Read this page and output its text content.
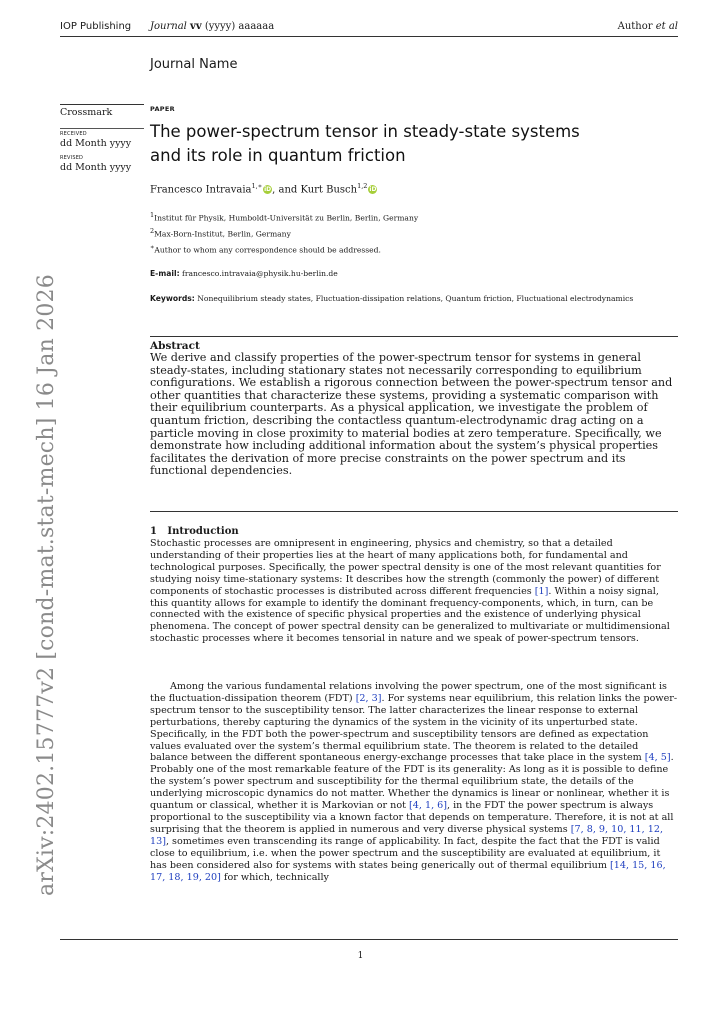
IOP Publishing Journal vv (yyyy) aaaaaa	Author et al
Journal Name
Crossmark
RECEIVED
dd Month yyyy
REVISED
dd Month yyyy
arXiv:2402.15777v2 [cond-mat.stat-mech] 16 Jan 2026
PAPER
The power-spectrum tensor in steady-state systems
and its role in quantum friction
Francesco Intravaia$^{1,∗}$ iD, and Kurt Busch$^{1,2}$ iD
$^1$Institut für Physik, Humboldt-Universität zu Berlin, Berlin, Germany
$^2$Max-Born-Institut, Berlin, Germany
∗Author to whom any correspondence should be addressed.
E-mail: francesco.intravaia@physik.hu-berlin.de
Keywords: Nonequilibrium steady states, Fluctuation-dissipation relations, Quantum friction, Fluctuational electrodynamics
Abstract
We derive and classify properties of the power-spectrum tensor for systems in general
steady-states, including stationary states not necessarily corresponding to equilibrium
configurations. We establish a rigorous connection between the power-spectrum tensor and
other quantities that characterize these systems, providing a systematic comparison with
their equilibrium counterparts. As a physical application, we investigate the problem of
quantum friction, describing the contactless quantum-electrodynamic drag acting on a
particle moving in close proximity to material bodies at zero temperature. Specifically, we
demonstrate how including additional information about the system’s physical properties
facilitates the derivation of more precise constraints on the power spectrum and its
functional dependencies.
1 Introduction
Stochastic processes are omnipresent in engineering, physics and chemistry, so that a detailed understanding of their properties lies at the heart of many applications both, for fundamental and technological purposes. Specifically, the power spectral density is one of the most relevant quantities for studying noisy time-stationary systems: It describes how the strength (commonly the power) of different components of stochastic processes is distributed across different frequencies [1]. Within a noisy signal, this quantity allows for example to identify the dominant frequency-components, which, in turn, can be connected with the existence of specific physical properties and the existence of underlying physical phenomena. The concept of power spectral density can be generalized to multivariate or multidimensional stochastic processes where it becomes tensorial in nature and we speak of power-spectrum tensors.
Among the various fundamental relations involving the power spectrum, one of the most significant is the fluctuation-dissipation theorem (FDT) [2, 3]. For systems near equilibrium, this relation links the power-spectrum tensor to the susceptibility tensor. The latter characterizes the linear response to external perturbations, thereby capturing the dynamics of the system in the vicinity of its unperturbed state. Specifically, in the FDT both the power-spectrum and susceptibility tensors are defined as expectation values evaluated over the system’s thermal equilibrium state. The theorem is related to the detailed balance between the different spontaneous energy-exchange processes that take place in the system [4, 5]. Probably one of the most remarkable feature of the FDT is its generality: As long as it is possible to define the system’s power spectrum and susceptibility for the thermal equilibrium state, the details of the underlying microscopic dynamics do not matter. Whether the dynamics is linear or nonlinear, whether it is quantum or classical, whether it is Markovian or not [4, 1, 6], in the FDT the power spectrum is always proportional to the susceptibility via a known factor that depends on temperature. Therefore, it is not at all surprising that the theorem is applied in numerous and very diverse physical systems [7, 8, 9, 10, 11, 12, 13], sometimes even transcending its range of applicability. In fact, despite the fact that the FDT is valid close to equilibrium, i.e. when the power spectrum and the susceptibility are evaluated at equilibrium, it has been considered also for systems with states being generically out of thermal equilibrium [14, 15, 16, 17, 18, 19, 20] for which, technically
1
